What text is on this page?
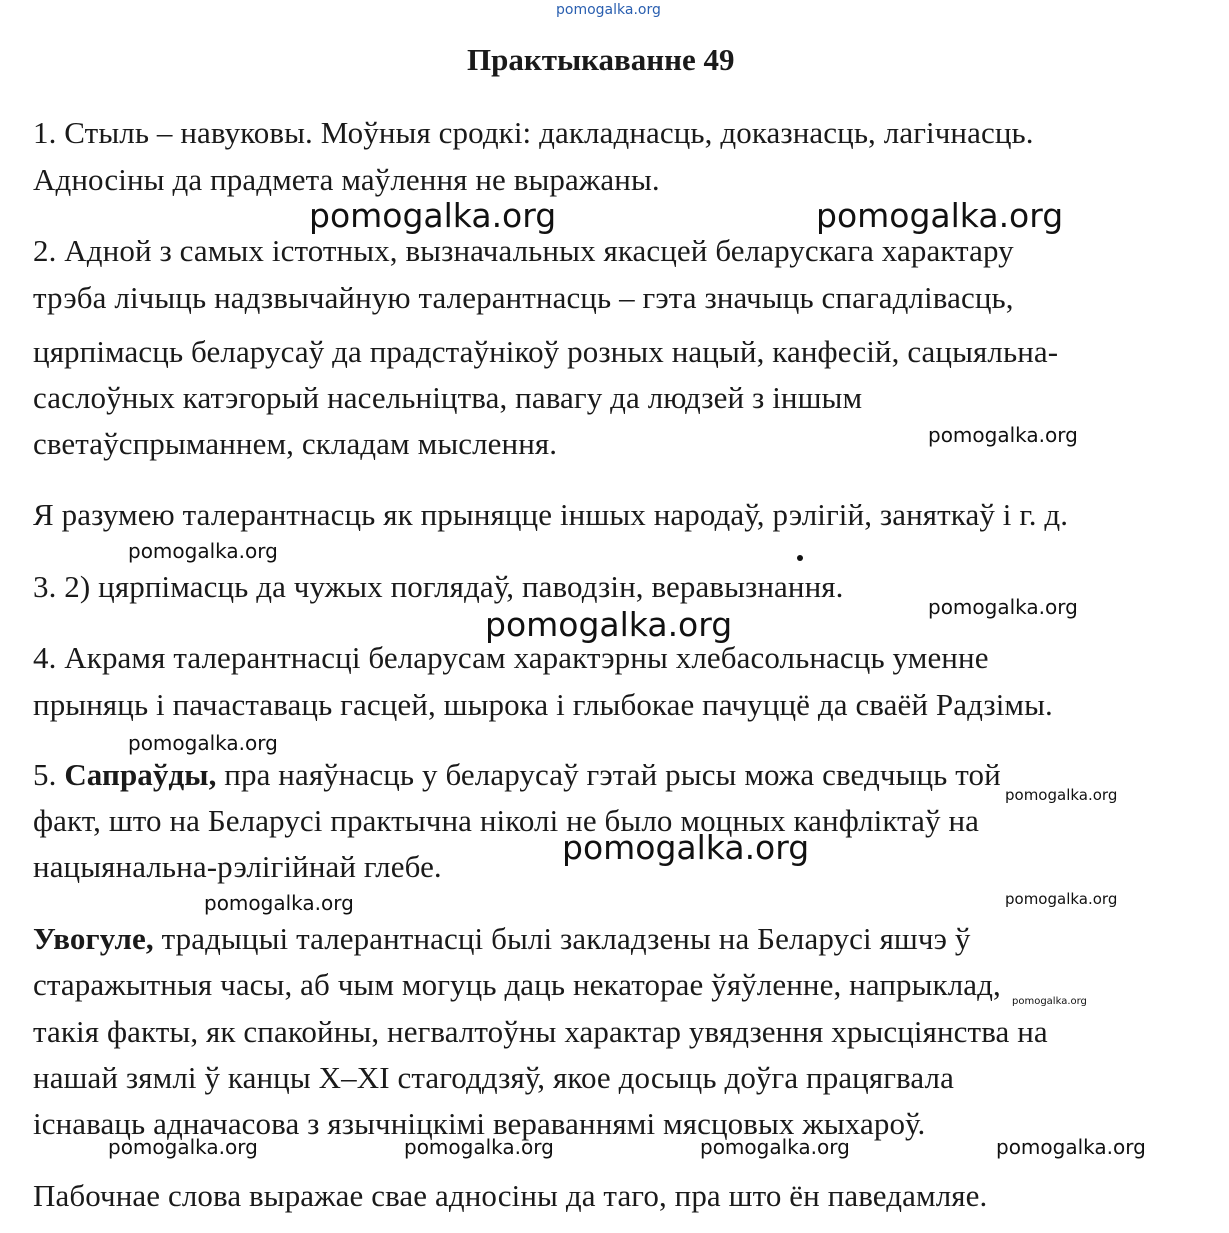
pomogalka.org
Практыкаванне 49
1. Стыль – навуковы. Моўныя сродкі: дакладнасць, доказнасць, лагічнасць.
Адносіны да прадмета маўлення не выражаны.
2. Адной з самых істотных, вызначальных якасцей беларускага характару
трэба лічыць надзвычайную талерантнасць – гэта значыць спагадлівасць,
цярпімасць беларусаў да прадстаўнікоў розных нацый, канфесій, сацыяльна-
саслоўных катэгорый насельніцтва, павагу да людзей з іншым
светаўспрыманнем, складам мыслення.
Я разумею талерантнасць як прыняцце іншых народаў, рэлігій, заняткаў і г. д.
3. 2) цярпімасць да чужых поглядаў, паводзін, веравызнання.
4. Акрамя талерантнасці беларусам характэрны хлебасольнасць уменне
прыняць і пачаставаць гасцей, шырока і глыбокае пачуццё да сваёй Радзімы.
5. Сапраўды, пра наяўнасць у беларусаў гэтай рысы можа сведчыць той
факт, што на Беларусі практычна ніколі не было моцных канфліктаў на
нацыянальна-рэлігійнай глебе.
Увогуле, традыцыі талерантнасці былі закладзены на Беларусі яшчэ ў
старажытныя часы, аб чым могуць даць некаторае ўяўленне, напрыклад,
такія факты, як спакойны, негвалтоўны характар увядзення хрысціянства на
нашай зямлі ў канцы X–XI стагоддзяў, якое досыць доўга працягвала
існаваць адначасова з язычніцкімі вераваннямі мясцовых жыхароў.
Пабочнае слова выражае свае адносіны да таго, пра што ён паведамляе.
pomogalka.org	pomogalka.org
pomogalka.org
pomogalka.org
pomogalka.org
pomogalka.org
pomogalka.org
pomogalka.org
pomogalka.org
pomogalka.org	pomogalka.org
pomogalka.org
pomogalka.org	pomogalka.org	pomogalka.org	pomogalka.org
